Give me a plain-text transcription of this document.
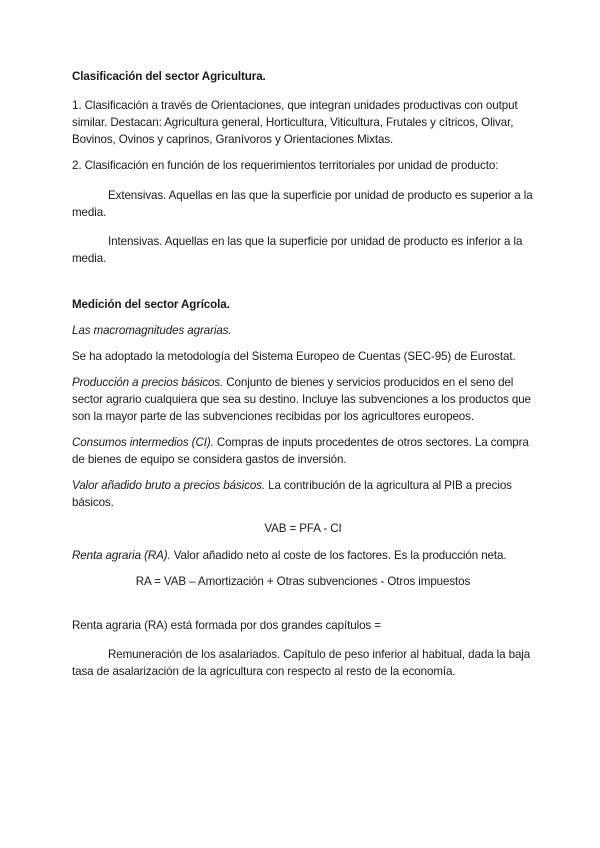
Clasificación del sector Agricultura.

1. Clasificación a través de Orientaciones, que integran unidades productivas con output similar. Destacan: Agricultura general, Horticultura, Viticultura, Frutales y cítricos, Olivar, Bovinos, Ovinos y caprinos, Granívoros y Orientaciones Mixtas.

2. Clasificación en función de los requerimientos territoriales por unidad de producto:

Extensivas. Aquellas en las que la superficie por unidad de producto es superior a la media.

Intensivas. Aquellas en las que la superficie por unidad de producto es inferior a la media.

Medición del sector Agrícola.

Las macromagnitudes agrarias.

Se ha adoptado la metodología del Sistema Europeo de Cuentas (SEC-95) de Eurostat.

Producción a precios básicos. Conjunto de bienes y servicios producidos en el seno del sector agrario cualquiera que sea su destino. Incluye las subvenciones a los productos que son la mayor parte de las subvenciones recibidas por los agricultores europeos.

Consumos intermedios (CI). Compras de inputs procedentes de otros sectores. La compra de bienes de equipo se considera gastos de inversión.

Valor añadido bruto a precios básicos. La contribución de la agricultura al PIB a precios básicos.

VAB = PFA - CI

Renta agraria (RA). Valor añadido neto al coste de los factores. Es la producción neta.

RA = VAB – Amortización + Otras subvenciones - Otros impuestos

Renta agraria (RA) está formada por dos grandes capítulos =

Remuneración de los asalariados. Capítulo de peso inferior al habitual, dada la baja tasa de asalarización de la agricultura con respecto al resto de la economía.
